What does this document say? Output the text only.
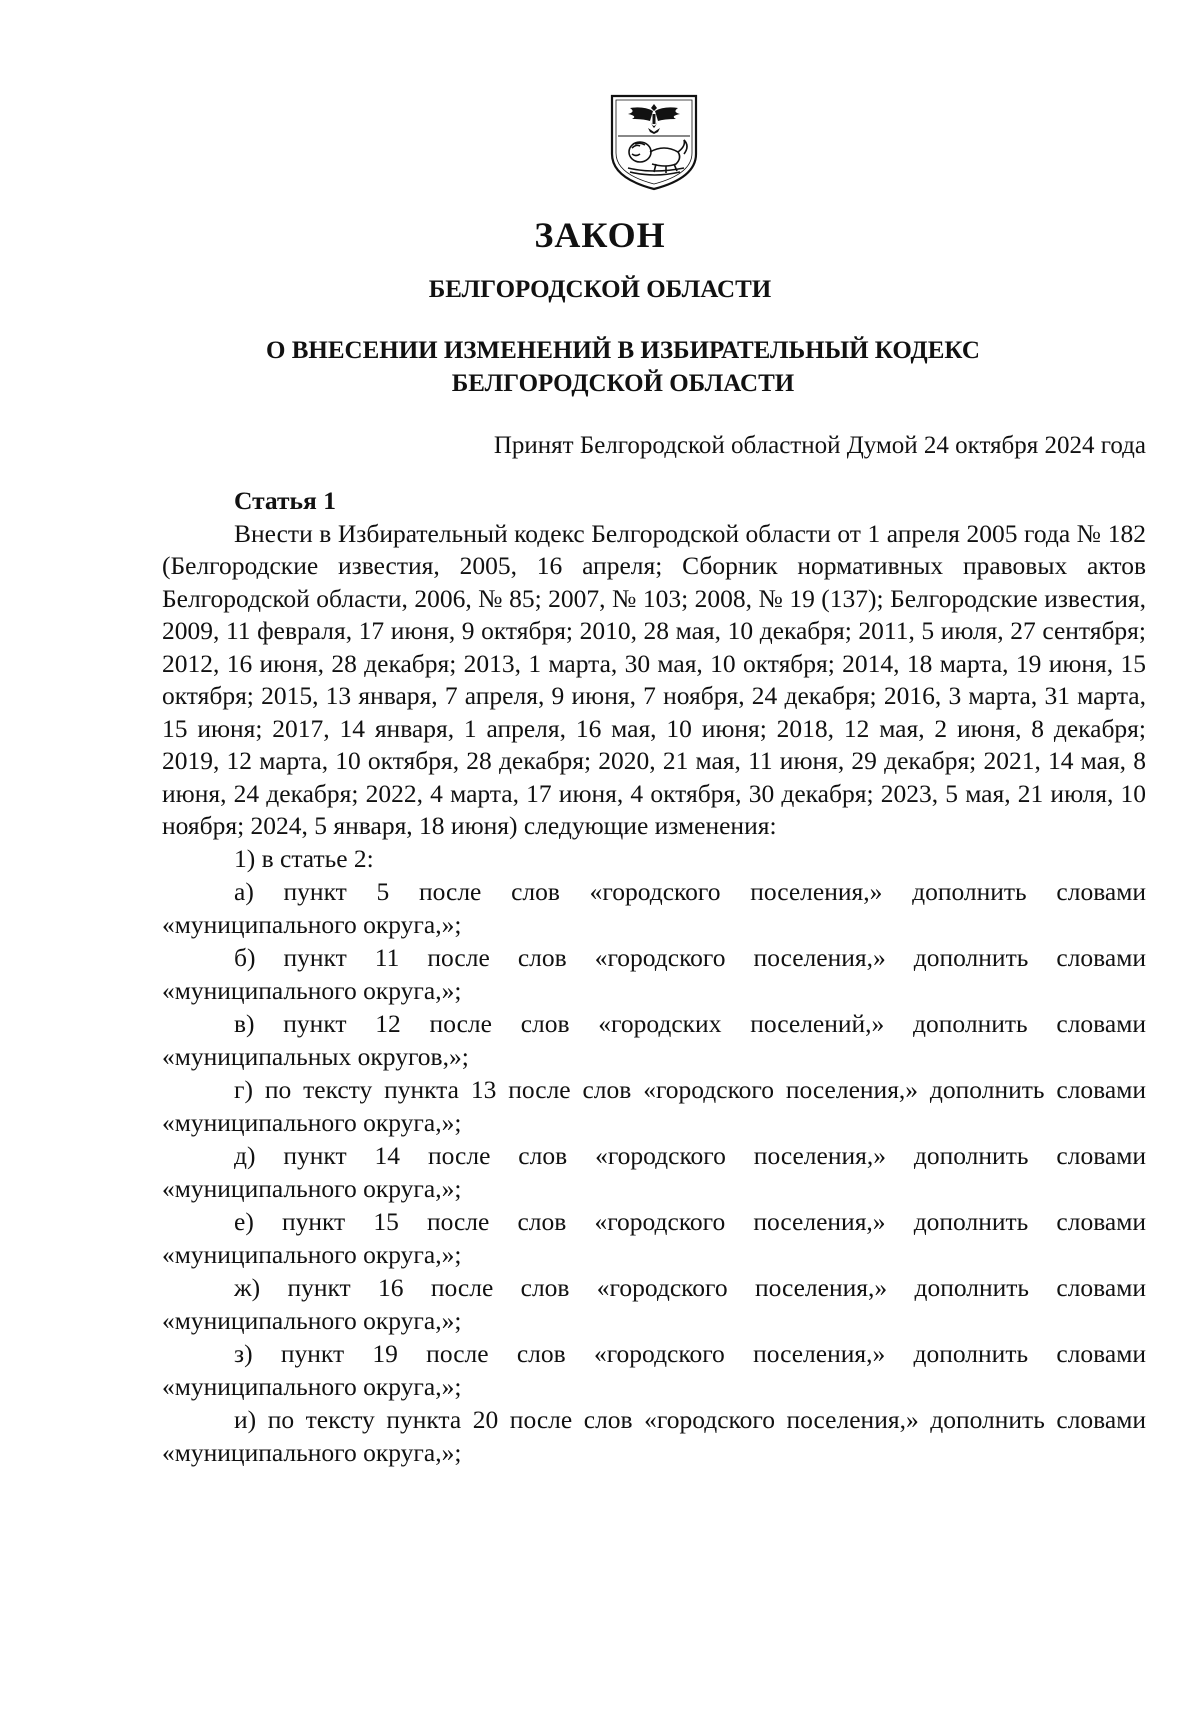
ЗАКОН
БЕЛГОРОДСКОЙ ОБЛАСТИ
О ВНЕСЕНИИ ИЗМЕНЕНИЙ В ИЗБИРАТЕЛЬНЫЙ КОДЕКС БЕЛГОРОДСКОЙ ОБЛАСТИ

Принят Белгородской областной Думой 24 октября 2024 года

Статья 1

Внести в Избирательный кодекс Белгородской области от 1 апреля 2005 года № 182 (Белгородские известия, 2005, 16 апреля; Сборник нормативных правовых актов Белгородской области, 2006, № 85; 2007, № 103; 2008, № 19 (137); Белгородские известия, 2009, 11 февраля, 17 июня, 9 октября; 2010, 28 мая, 10 декабря; 2011, 5 июля, 27 сентября; 2012, 16 июня, 28 декабря; 2013, 1 марта, 30 мая, 10 октября; 2014, 18 марта, 19 июня, 15 октября; 2015, 13 января, 7 апреля, 9 июня, 7 ноября, 24 декабря; 2016, 3 марта, 31 марта, 15 июня; 2017, 14 января, 1 апреля, 16 мая, 10 июня; 2018, 12 мая, 2 июня, 8 декабря; 2019, 12 марта, 10 октября, 28 декабря; 2020, 21 мая, 11 июня, 29 декабря; 2021, 14 мая, 8 июня, 24 декабря; 2022, 4 марта, 17 июня, 4 октября, 30 декабря; 2023, 5 мая, 21 июля, 10 ноября; 2024, 5 января, 18 июня) следующие изменения:

1) в статье 2:

а) пункт 5 после слов «городского поселения,» дополнить словами «муниципального округа,»;

б) пункт 11 после слов «городского поселения,» дополнить словами «муниципального округа,»;

в) пункт 12 после слов «городских поселений,» дополнить словами «муниципальных округов,»;

г) по тексту пункта 13 после слов «городского поселения,» дополнить словами «муниципального округа,»;

д) пункт 14 после слов «городского поселения,» дополнить словами «муниципального округа,»;

е) пункт 15 после слов «городского поселения,» дополнить словами «муниципального округа,»;

ж) пункт 16 после слов «городского поселения,» дополнить словами «муниципального округа,»;

з) пункт 19 после слов «городского поселения,» дополнить словами «муниципального округа,»;

и) по тексту пункта 20 после слов «городского поселения,» дополнить словами «муниципального округа,»;
